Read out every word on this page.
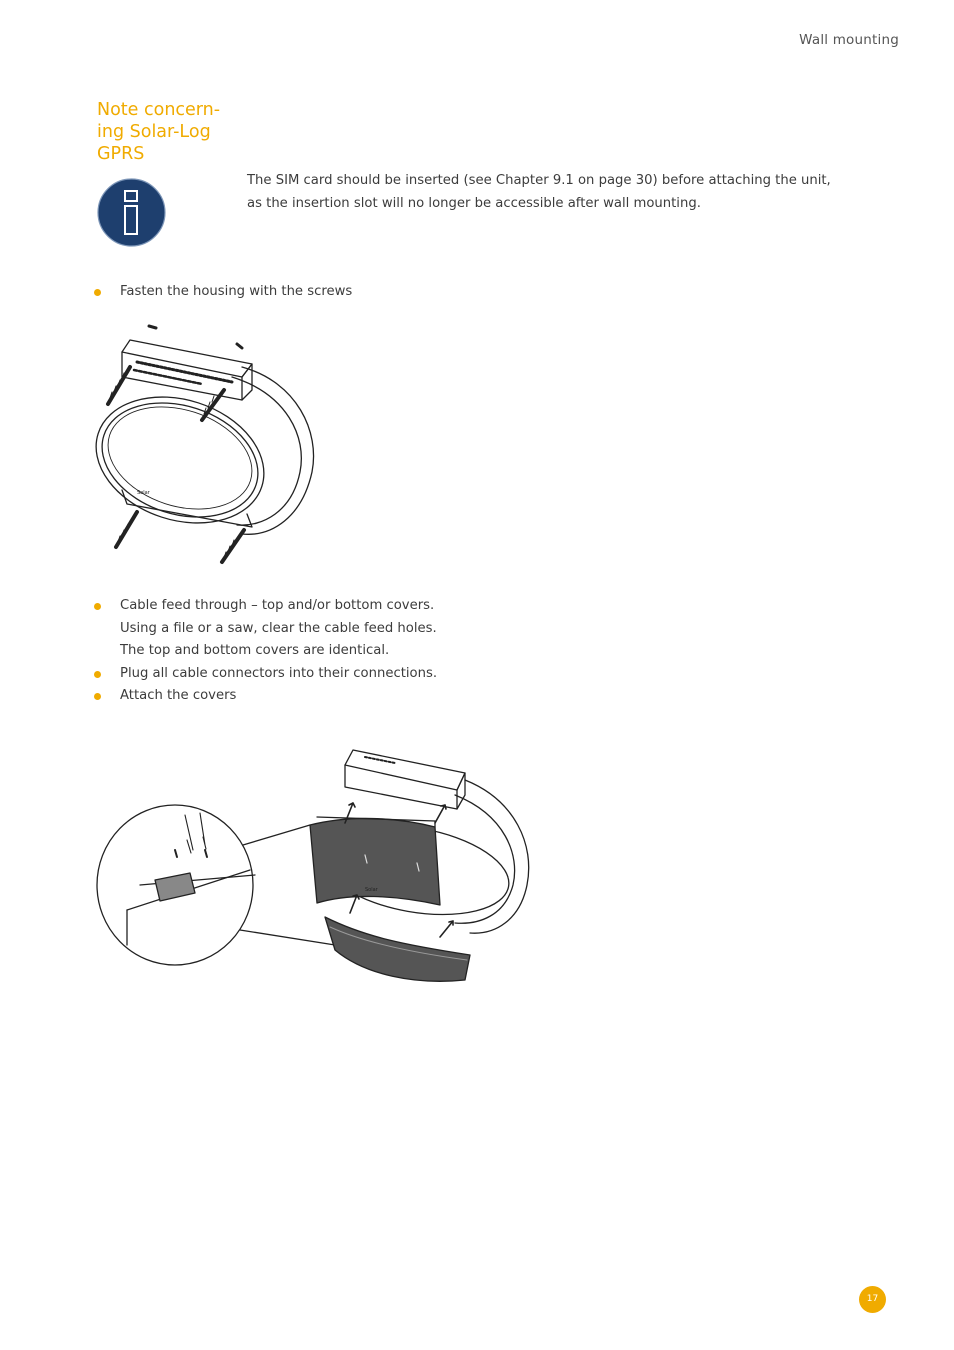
Wall mounting
Note concern-ing Solar-Log GPRS
The SIM card should be inserted (see Chapter 9.1 on page 30) before attaching the unit, as the insertion slot will no longer be accessible after wall mounting.
Fasten the housing with the screws
Solar
Cable feed through – top and/or bottom covers.
Using a file or a saw, clear the cable feed holes.
The top and bottom covers are identical.
Plug all cable connectors into their connections.
Attach the covers
Solar
17
